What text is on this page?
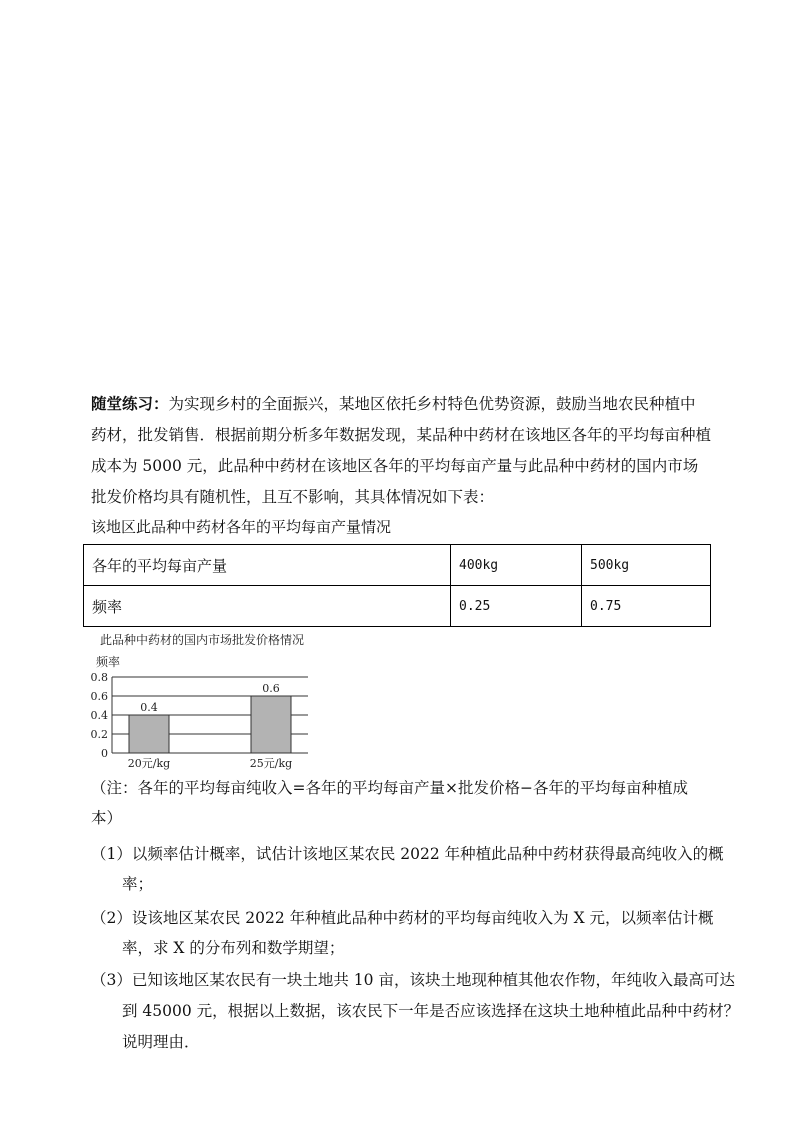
随堂练习：为实现乡村的全面振兴，某地区依托乡村特色优势资源，鼓励当地农民种植中药材，批发销售．根据前期分析多年数据发现，某品种中药材在该地区各年的平均每亩种植成本为 5000 元，此品种中药材在该地区各年的平均每亩产量与此品种中药材的国内市场批发价格均具有随机性，且互不影响，其具体情况如下表：

该地区此品种中药材各年的平均每亩产量情况
各年的平均每亩产量	400kg	500kg
频率	0.25	0.75
此品种中药材的国内市场批发价格情况
频率
0
0.2
0.4
0.6
0.8
0.4
20元/kg
0.6
25元/kg

（注：各年的平均每亩纯收入=各年的平均每亩产量×批发价格−各年的平均每亩种植成本）

（1）以频率估计概率，试估计该地区某农民 2022 年种植此品种中药材获得最高纯收入的概率；

（2）设该地区某农民 2022 年种植此品种中药材的平均每亩纯收入为 X 元，以频率估计概率，求 X 的分布列和数学期望；

（3）已知该地区某农民有一块土地共 10 亩，该块土地现种植其他农作物，年纯收入最高可达到 45000 元，根据以上数据，该农民下一年是否应该选择在这块土地种植此品种中药材？说明理由．
